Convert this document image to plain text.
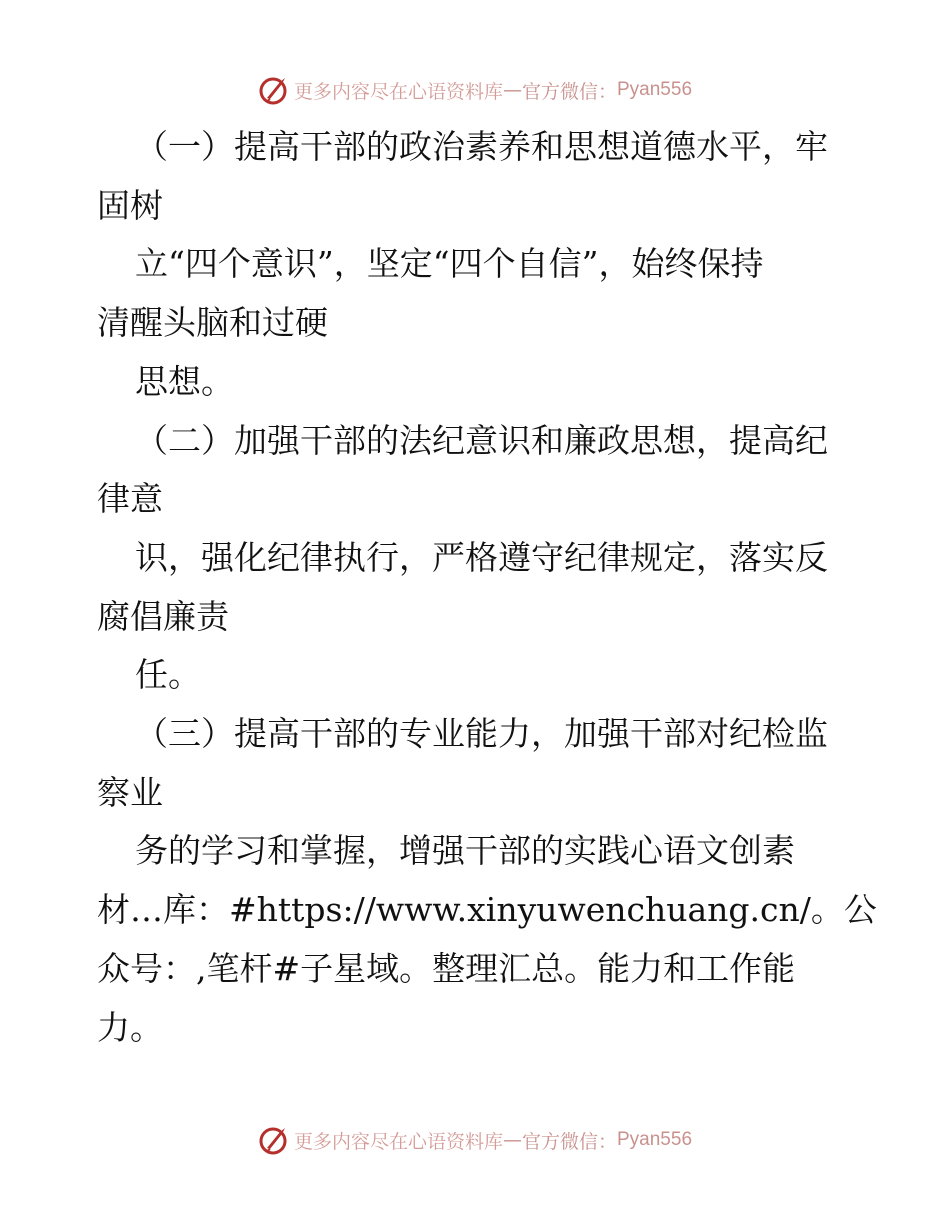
更多内容尽在心语资料库 — 官方微信： Pyan556
（一）提高干部的政治素养和思想道德水平，牢
固树
立“四个意识”，坚定“四个自信”，始终保持
清醒头脑和过硬
思想。
（二）加强干部的法纪意识和廉政思想，提高纪
律意
识，强化纪律执行，严格遵守纪律规定，落实反
腐倡廉责
任。
（三）提高干部的专业能力，加强干部对纪检监
察业
务的学习和掌握，增强干部的实践心语文创素
材…库：#https://www.xinyuwenchuang.cn/。公
众号：,笔杆#子星域。整理汇总。能力和工作能
力。
更多内容尽在心语资料库 — 官方微信： Pyan556
